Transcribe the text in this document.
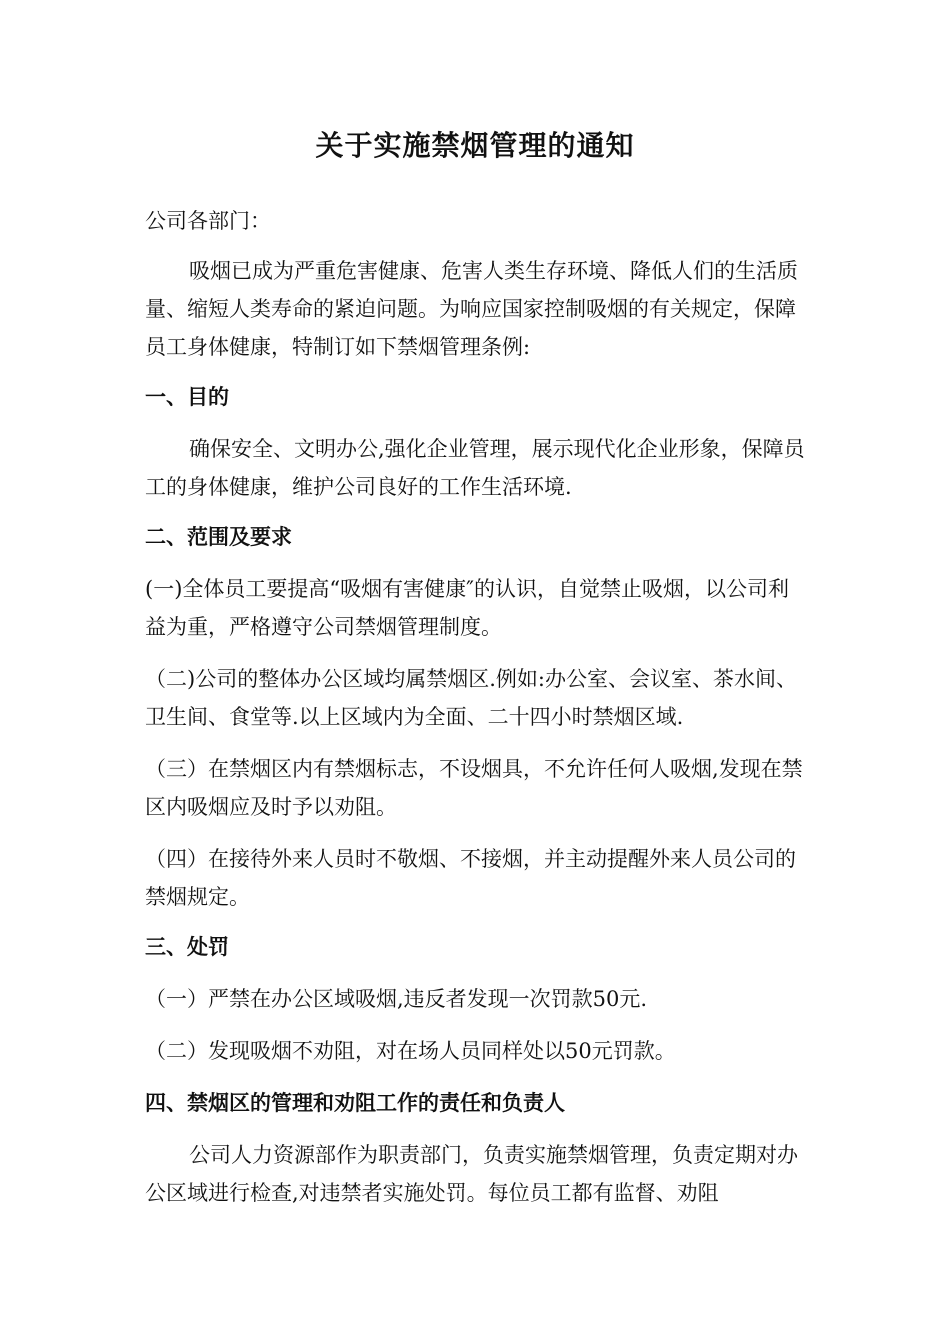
关于实施禁烟管理的通知

公司各部门：

吸烟已成为严重危害健康、危害人类生存环境、降低人们的生活质量、缩短人类寿命的紧迫问题。为响应国家控制吸烟的有关规定，保障员工身体健康，特制订如下禁烟管理条例:

一、目的

确保安全、文明办公,强化企业管理，展示现代化企业形象，保障员工的身体健康，维护公司良好的工作生活环境.

二、范围及要求

(一)全体员工要提高“吸烟有害健康″的认识，自觉禁止吸烟，以公司利益为重，严格遵守公司禁烟管理制度。

（二)公司的整体办公区域均属禁烟区.例如:办公室、会议室、茶水间、卫生间、食堂等.以上区域内为全面、二十四小时禁烟区域.

（三）在禁烟区内有禁烟标志，不设烟具，不允许任何人吸烟,发现在禁区内吸烟应及时予以劝阻。

（四）在接待外来人员时不敬烟、不接烟，并主动提醒外来人员公司的禁烟规定。

三、处罚

（一）严禁在办公区域吸烟,违反者发现一次罚款50元.

（二）发现吸烟不劝阻，对在场人员同样处以50元罚款。

四、禁烟区的管理和劝阻工作的责任和负责人

公司人力资源部作为职责部门，负责实施禁烟管理，负责定期对办公区域进行检查,对违禁者实施处罚。每位员工都有监督、劝阻
